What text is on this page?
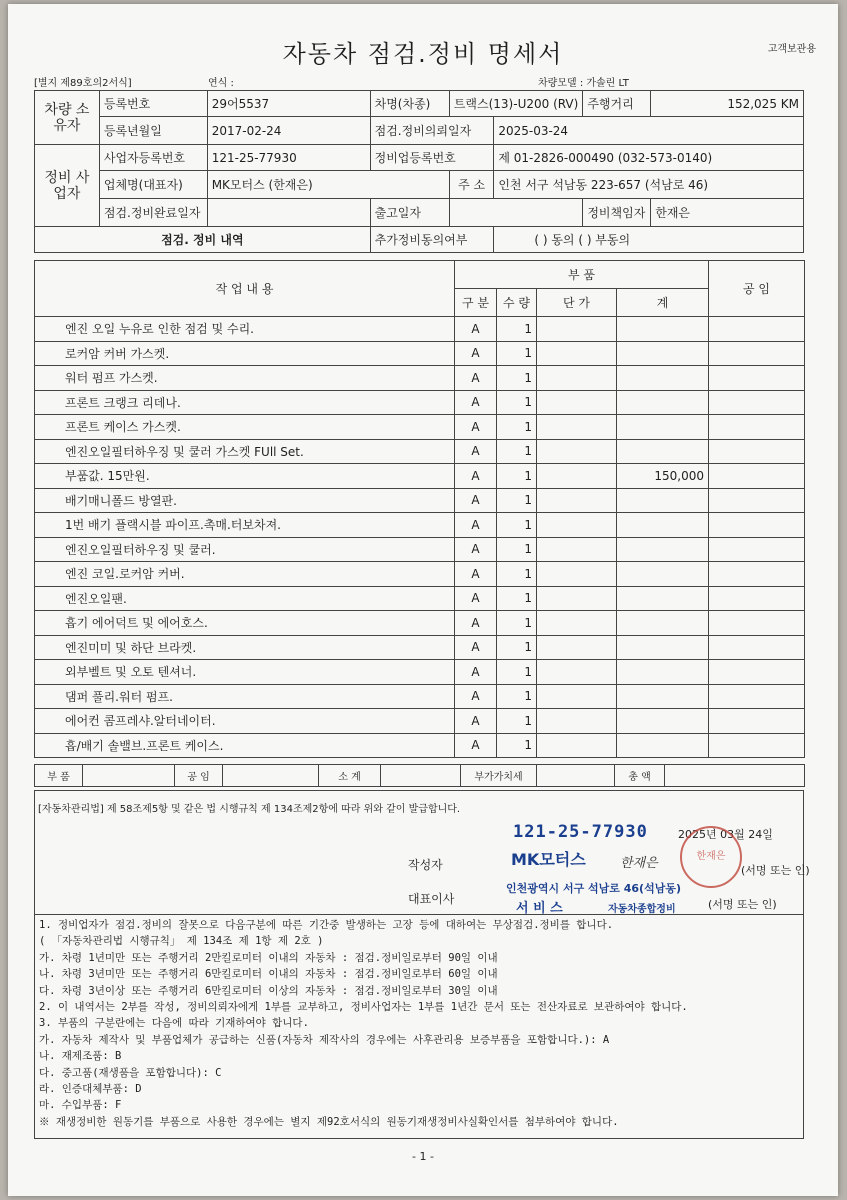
자동차 점검.정비 명세서	고객보관용
[별지 제89호의2서식]	연식 :	차량모델 : 가솔린 LT
차량 소유자	등록번호	29어5537	차명(차종)	트랙스(13)-U200 (RV)		주행거리	152,025 KM
	등록년월일	2017-02-24	점검.정비의뢰일자		2025-03-24		
정비 사업자	사업자등록번호	121-25-77930	정비업등록번호		제 01-2826-000490 (032-573-0140)		
	업체명(대표자)	MK모터스 (한재은)		주 소	인천 서구 석남동 223-657 (석남로 46)		
	점검.정비완료일자		출고일자			정비책임자	한재은
점검. 정비 내역			추가정비동의여부		( ) 동의 ( ) 부동의		
작 업 내 용	부 품				공 임
	구 분	수 량	단 가	계	
엔진 오일 누유로 인한 점검 및 수리.	A	1			
로커암 커버 가스켓.	A	1			
워터 펌프 가스켓.	A	1			
프론트 크랭크 리데나.	A	1			
프론트 케이스 가스켓.	A	1			
엔진오일필터하우징 및 쿨러 가스켓 FUll Set.	A	1			
부품값. 15만원.	A	1		150,000	
배기매니폴드 방열판.	A	1			
1번 배기 플랙시블 파이프.촉매.터보차져.	A	1			
엔진오일필터하우징 및 쿨러.	A	1			
엔진 코일.로커암 커버.	A	1			
엔진오일팬.	A	1			
흡기 에어덕트 및 에어호스.	A	1			
엔진미미 및 하단 브라켓.	A	1			
외부벨트 및 오토 텐셔너.	A	1			
댐퍼 풀리.워터 펌프.	A	1			
에어컨 콤프레샤.알터네이터.	A	1			
흡/배기 솔밸브.프론트 케이스.	A	1			
부 품		공 임		소 계		부가가치세		총 액	
[자동차관리법] 제 58조제5항 및 같은 법 시행규칙 제 134조제2항에 따라 위와 같이 발급합니다.
121-25-77930	2025년 03월 24일
작성자	MK모터스	한재은	(서명 또는 인)
인천광역시 서구 석남로 46(석남동)
대표이사
서 비 스	자동차종합정비	(서명 또는 인)
한재은
1. 정비업자가 점검.정비의 잘못으로 다음구분에 따른 기간중 발생하는 고장 등에 대하여는 무상점검.정비를 합니다.
( 「자동차관리법 시행규칙」 제 134조 제 1항 제 2호 )
가. 차령 1년미만 또는 주행거리 2만킬로미터 이내의 자동차 : 점검.정비일로부터 90일 이내
나. 차령 3년미만 또는 주행거리 6만킬로미터 이내의 자동차 : 점검.정비일로부터 60일 이내
다. 차령 3년이상 또는 주행거리 6만킬로미터 이상의 자동차 : 점검.정비일로부터 30일 이내
2. 이 내역서는 2부를 작성, 정비의뢰자에게 1부를 교부하고, 정비사업자는 1부를 1년간 문서 또는 전산자료로 보관하여야 합니다.
3. 부품의 구분란에는 다음에 따라 기재하여야 합니다.
가. 자동차 제작사 및 부품업체가 공급하는 신품(자동차 제작사의 경우에는 사후관리용 보증부품을 포함합니다.): A
나. 재제조품: B
다. 중고품(재생품을 포함합니다): C
라. 인증대체부품: D
마. 수입부품: F
※ 재생정비한 원동기를 부품으로 사용한 경우에는 별지 제92호서식의 원동기재생정비사실확인서를 첨부하여야 합니다.
- 1 -
